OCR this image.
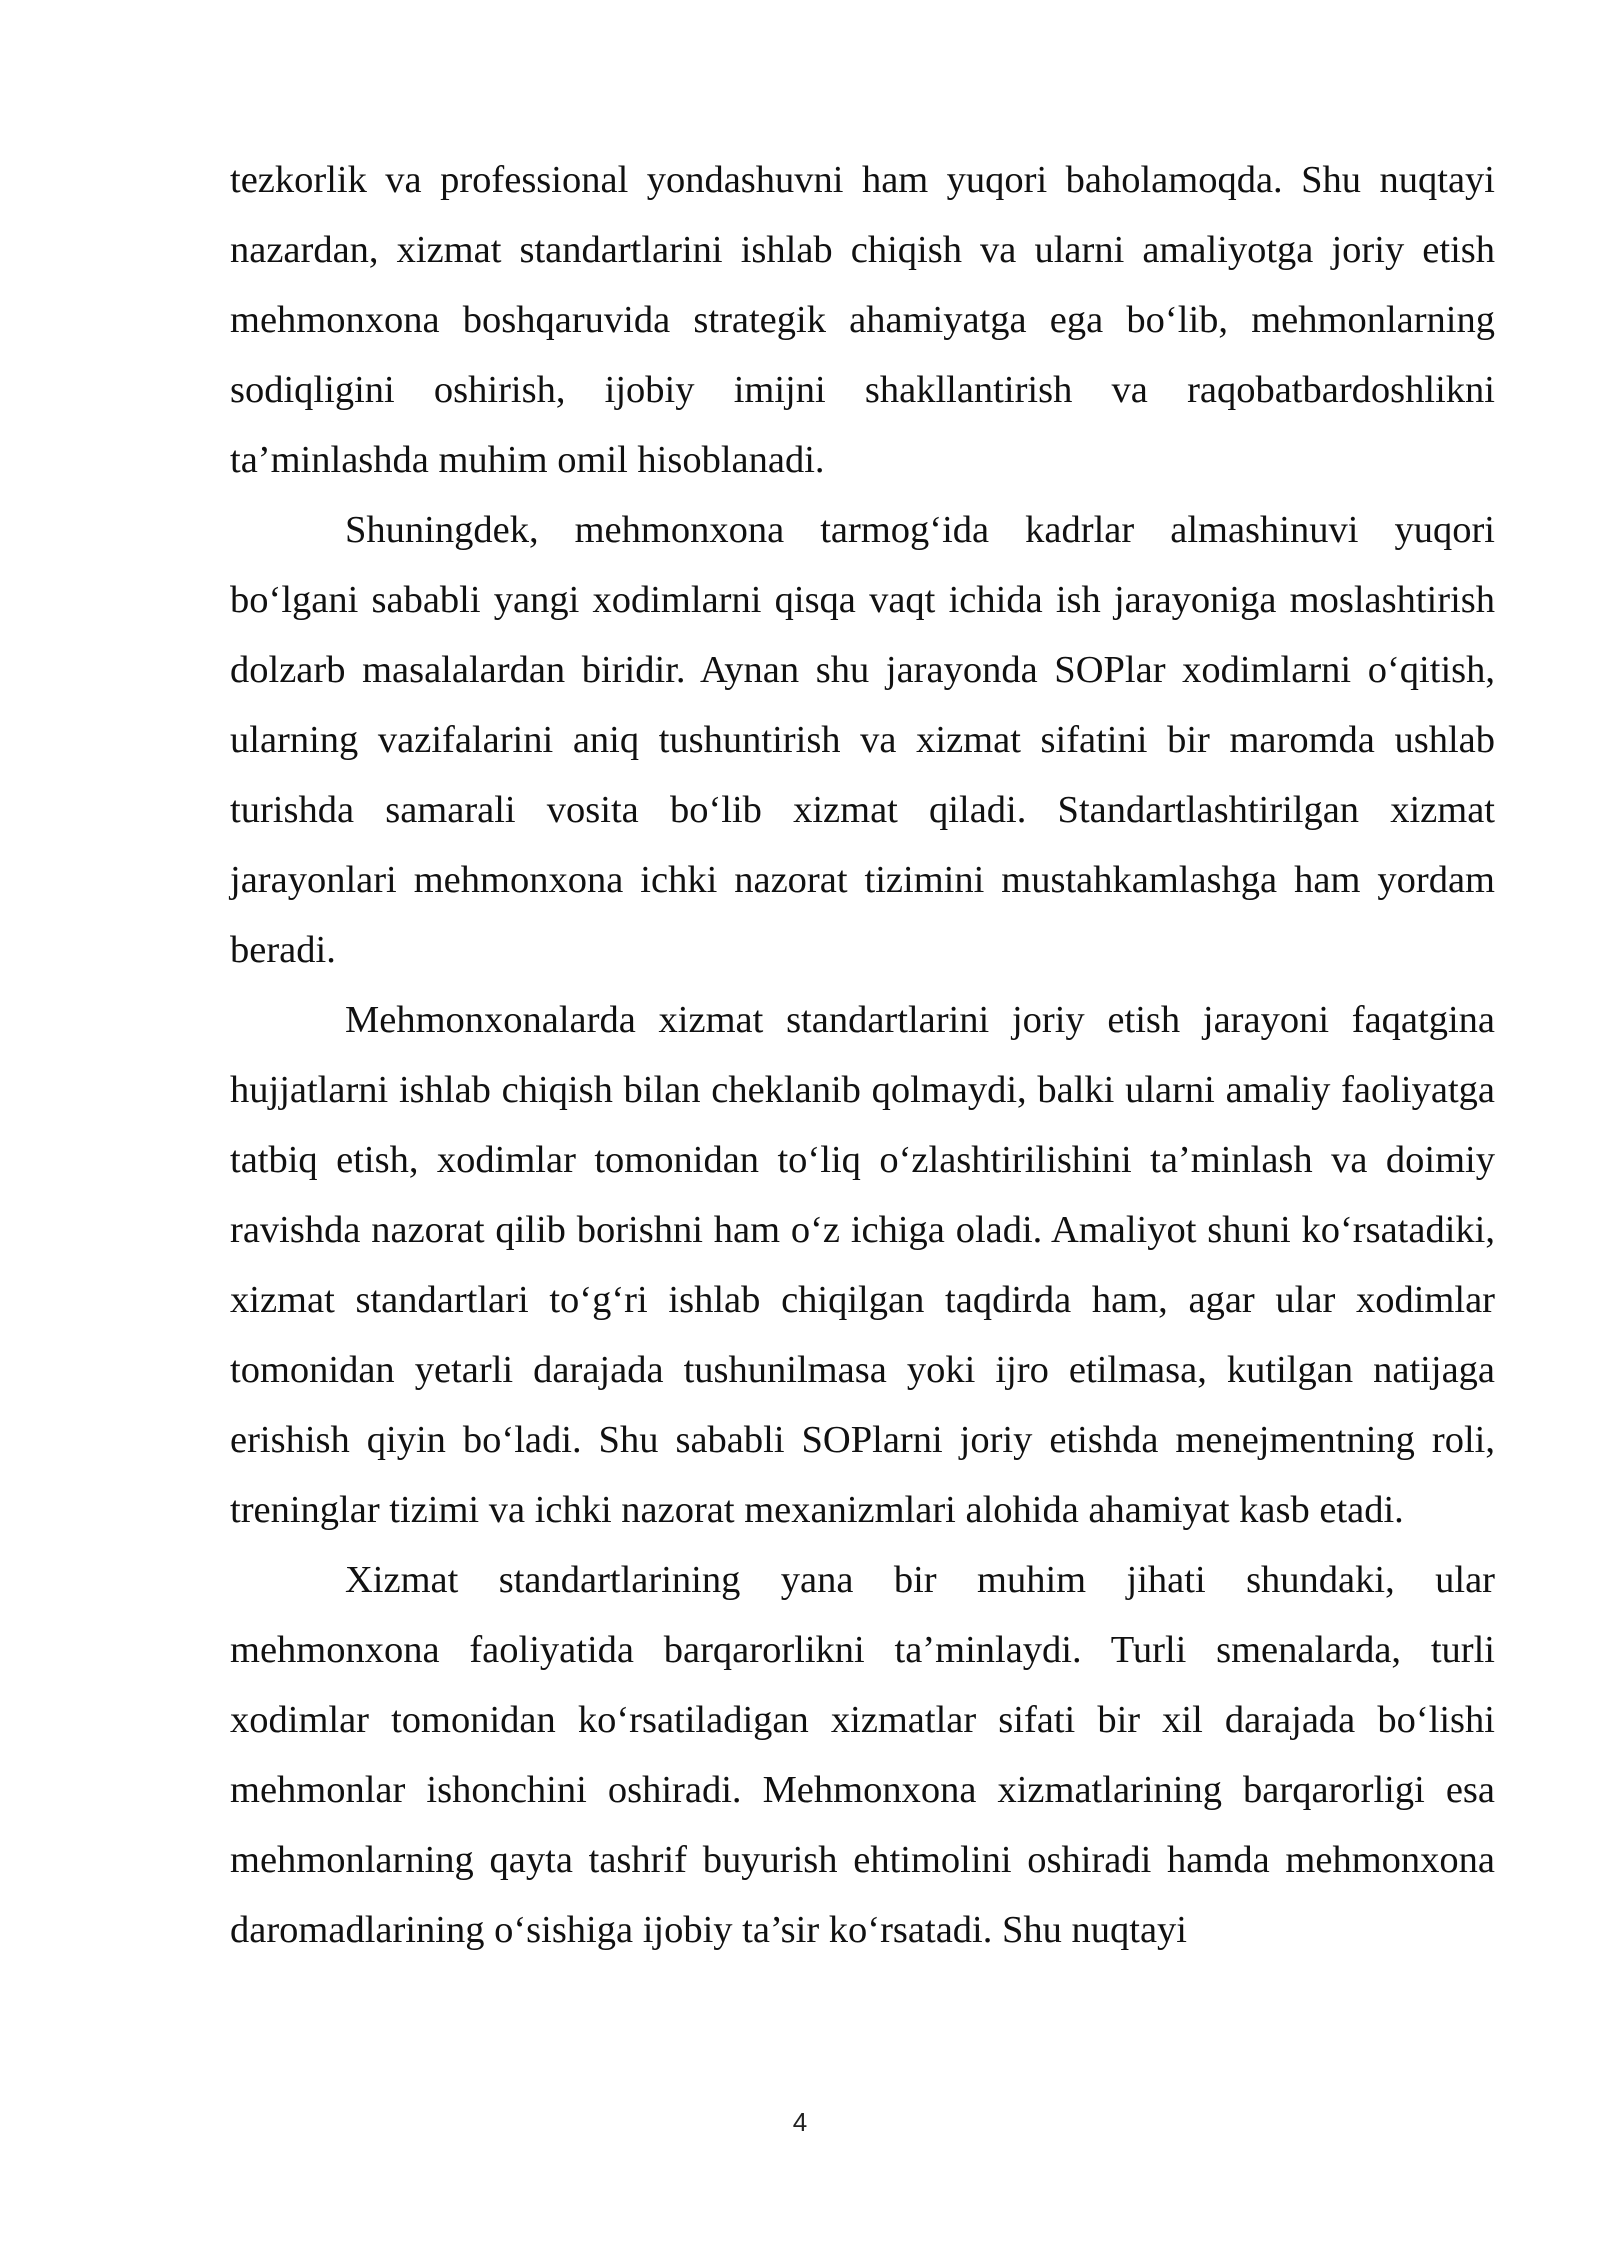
tezkorlik va professional yondashuvni ham yuqori baholamoqda. Shu nuqtayi nazardan, xizmat standartlarini ishlab chiqish va ularni amaliyotga joriy etish mehmonxona boshqaruvida strategik ahamiyatga ega bo‘lib, mehmonlarning sodiqligini oshirish, ijobiy imijni shakllantirish va raqobatbardoshlikni ta’minlashda muhim omil hisoblanadi.

Shuningdek, mehmonxona tarmog‘ida kadrlar almashinuvi yuqori bo‘lgani sababli yangi xodimlarni qisqa vaqt ichida ish jarayoniga moslashtirish dolzarb masalalardan biridir. Aynan shu jarayonda SOPlar xodimlarni o‘qitish, ularning vazifalarini aniq tushuntirish va xizmat sifatini bir maromda ushlab turishda samarali vosita bo‘lib xizmat qiladi. Standartlashtirilgan xizmat jarayonlari mehmonxona ichki nazorat tizimini mustahkamlashga ham yordam beradi.

Mehmonxonalarda xizmat standartlarini joriy etish jarayoni faqatgina hujjatlarni ishlab chiqish bilan cheklanib qolmaydi, balki ularni amaliy faoliyatga tatbiq etish, xodimlar tomonidan to‘liq o‘zlashtirilishini ta’minlash va doimiy ravishda nazorat qilib borishni ham o‘z ichiga oladi. Amaliyot shuni ko‘rsatadiki, xizmat standartlari to‘g‘ri ishlab chiqilgan taqdirda ham, agar ular xodimlar tomonidan yetarli darajada tushunilmasa yoki ijro etilmasa, kutilgan natijaga erishish qiyin bo‘ladi. Shu sababli SOPlarni joriy etishda menejmentning roli, treninglar tizimi va ichki nazorat mexanizmlari alohida ahamiyat kasb etadi.

Xizmat standartlarining yana bir muhim jihati shundaki, ular mehmonxona faoliyatida barqarorlikni ta’minlaydi. Turli smenalarda, turli xodimlar tomonidan ko‘rsatiladigan xizmatlar sifati bir xil darajada bo‘lishi mehmonlar ishonchini oshiradi. Mehmonxona xizmatlarining barqarorligi esa mehmonlarning qayta tashrif buyurish ehtimolini oshiradi hamda mehmonxona daromadlarining o‘sishiga ijobiy ta’sir ko‘rsatadi. Shu nuqtayi

4
